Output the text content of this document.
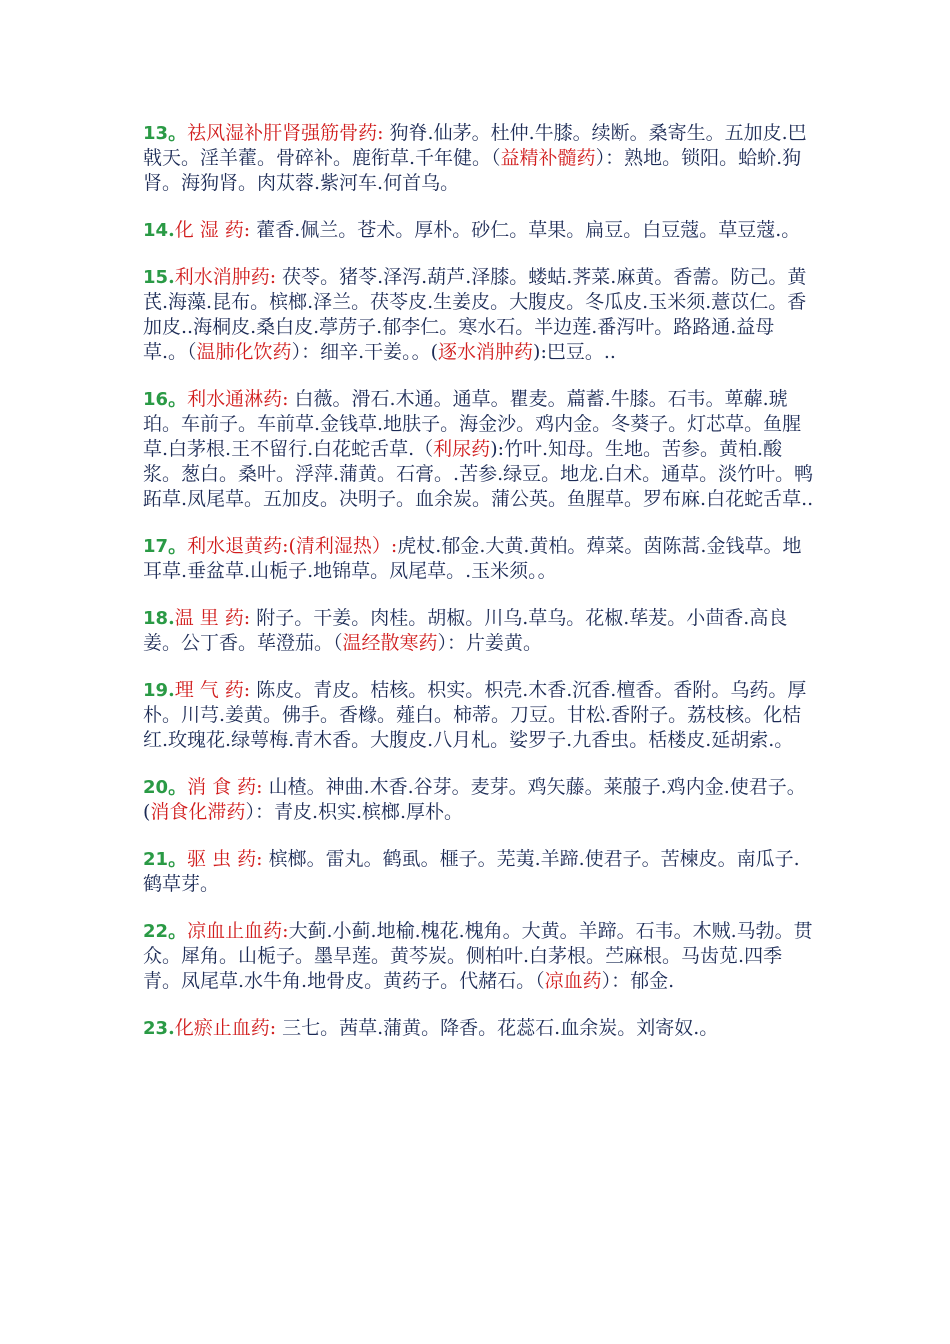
13。祛风湿补肝肾强筋骨药: 狗脊.仙茅。杜仲.牛膝。续断。桑寄生。五加皮.巴戟天。淫羊藿。骨碎补。鹿衔草.千年健。（益精补髓药）：熟地。锁阳。蛤蚧.狗肾。海狗肾。肉苁蓉.紫河车.何首乌。
14.化 湿 药: 藿香.佩兰。苍术。厚朴。砂仁。草果。扁豆。白豆蔻。草豆蔻.。
15.利水消肿药: 茯苓。猪苓.泽泻.葫芦.泽膝。蝼蛄.荠菜.麻黄。香薷。防己。黄芪.海藻.昆布。槟榔.泽兰。茯苓皮.生姜皮。大腹皮。冬瓜皮.玉米须.薏苡仁。香加皮..海桐皮.桑白皮.葶苈子.郁李仁。寒水石。半边莲.番泻叶。路路通.益母草.。（温肺化饮药）：细辛.干姜。。(逐水消肿药):巴豆。..
16。利水通淋药: 白薇。滑石.木通。通草。瞿麦。萹蓄.牛膝。石韦。萆薢.琥珀。车前子。车前草.金钱草.地肤子。海金沙。鸡内金。冬葵子。灯芯草。鱼腥草.白茅根.王不留行.白花蛇舌草.（利尿药):竹叶.知母。生地。苦参。黄柏.酸浆。葱白。桑叶。浮萍.蒲黄。石膏。.苦参.绿豆。地龙.白术。通草。淡竹叶。鸭跖草.凤尾草。五加皮。决明子。血余炭。蒲公英。鱼腥草。罗布麻.白花蛇舌草..
17。利水退黄药:(清利湿热）:虎杖.郁金.大黄.黄柏。蔊菜。茵陈蒿.金钱草。地耳草.垂盆草.山栀子.地锦草。凤尾草。.玉米须。。
18.温 里 药: 附子。干姜。肉桂。胡椒。川乌.草乌。花椒.荜茇。小茴香.高良姜。公丁香。荜澄茄。（温经散寒药）：片姜黄。
19.理 气 药: 陈皮。青皮。桔核。枳实。枳壳.木香.沉香.檀香。香附。乌药。厚朴。川芎.姜黄。佛手。香橼。薤白。柿蒂。刀豆。甘松.香附子。荔枝核。化桔红.玫瑰花.绿萼梅.青木香。大腹皮.八月札。娑罗子.九香虫。栝楼皮.延胡索.。
20。消 食 药: 山楂。神曲.木香.谷芽。麦芽。鸡矢藤。莱菔子.鸡内金.使君子。(消食化滞药）：青皮.枳实.槟榔.厚朴。
21。驱 虫 药: 槟榔。雷丸。鹤虱。榧子。芜荑.羊蹄.使君子。苦楝皮。南瓜子.鹤草芽。
22。凉血止血药:大蓟.小蓟.地榆.槐花.槐角。大黄。羊蹄。石韦。木贼.马勃。贯众。犀角。山栀子。墨旱莲。黄芩炭。侧柏叶.白茅根。苎麻根。马齿苋.四季青。凤尾草.水牛角.地骨皮。黄药子。代赭石。（凉血药）：郁金.
23.化瘀止血药: 三七。茜草.蒲黄。降香。花蕊石.血余炭。刘寄奴.。
